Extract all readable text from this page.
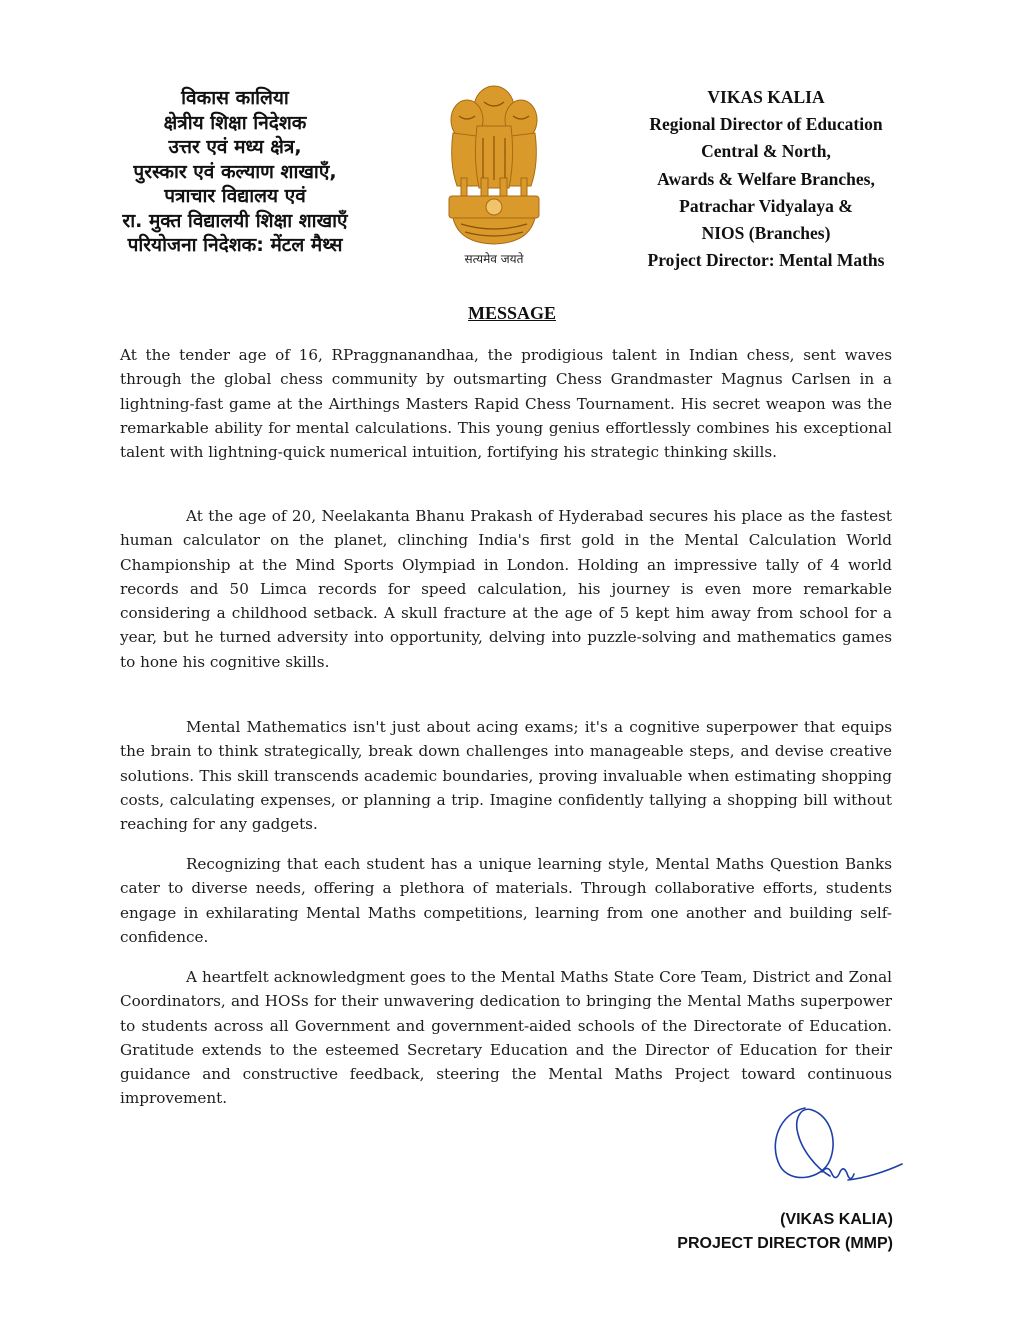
विकास कालिया
क्षेत्रीय शिक्षा निदेशक
उत्तर एवं मध्य क्षेत्र,
पुरस्कार एवं कल्याण शाखाएँ,
पत्राचार विद्यालय एवं
रा. मुक्त विद्यालयी शिक्षा शाखाएँ
परियोजना निदेशक: मेंटल मैथ्स
सत्यमेव जयते
VIKAS KALIA
Regional Director of Education
Central & North,
Awards & Welfare Branches,
Patrachar Vidyalaya &
NIOS (Branches)
Project Director: Mental Maths
MESSAGE

At the tender age of 16, RPraggnanandhaa, the prodigious talent in Indian chess, sent waves through the global chess community by outsmarting Chess Grandmaster Magnus Carlsen in a lightning-fast game at the Airthings Masters Rapid Chess Tournament. His secret weapon was the remarkable ability for mental calculations. This young genius effortlessly combines his exceptional talent with lightning-quick numerical intuition, fortifying his strategic thinking skills.

At the age of 20, Neelakanta Bhanu Prakash of Hyderabad secures his place as the fastest human calculator on the planet, clinching India's first gold in the Mental Calculation World Championship at the Mind Sports Olympiad in London. Holding an impressive tally of 4 world records and 50 Limca records for speed calculation, his journey is even more remarkable considering a childhood setback. A skull fracture at the age of 5 kept him away from school for a year, but he turned adversity into opportunity, delving into puzzle-solving and mathematics games to hone his cognitive skills.

Mental Mathematics isn't just about acing exams; it's a cognitive superpower that equips the brain to think strategically, break down challenges into manageable steps, and devise creative solutions. This skill transcends academic boundaries, proving invaluable when estimating shopping costs, calculating expenses, or planning a trip. Imagine confidently tallying a shopping bill without reaching for any gadgets.

Recognizing that each student has a unique learning style, Mental Maths Question Banks cater to diverse needs, offering a plethora of materials. Through collaborative efforts, students engage in exhilarating Mental Maths competitions, learning from one another and building self-confidence.

A heartfelt acknowledgment goes to the Mental Maths State Core Team, District and Zonal Coordinators, and HOSs for their unwavering dedication to bringing the Mental Maths superpower to students across all Government and government-aided schools of the Directorate of Education. Gratitude extends to the esteemed Secretary Education and the Director of Education for their guidance and constructive feedback, steering the Mental Maths Project toward continuous improvement.

(VIKAS KALIA)
PROJECT DIRECTOR (MMP)
